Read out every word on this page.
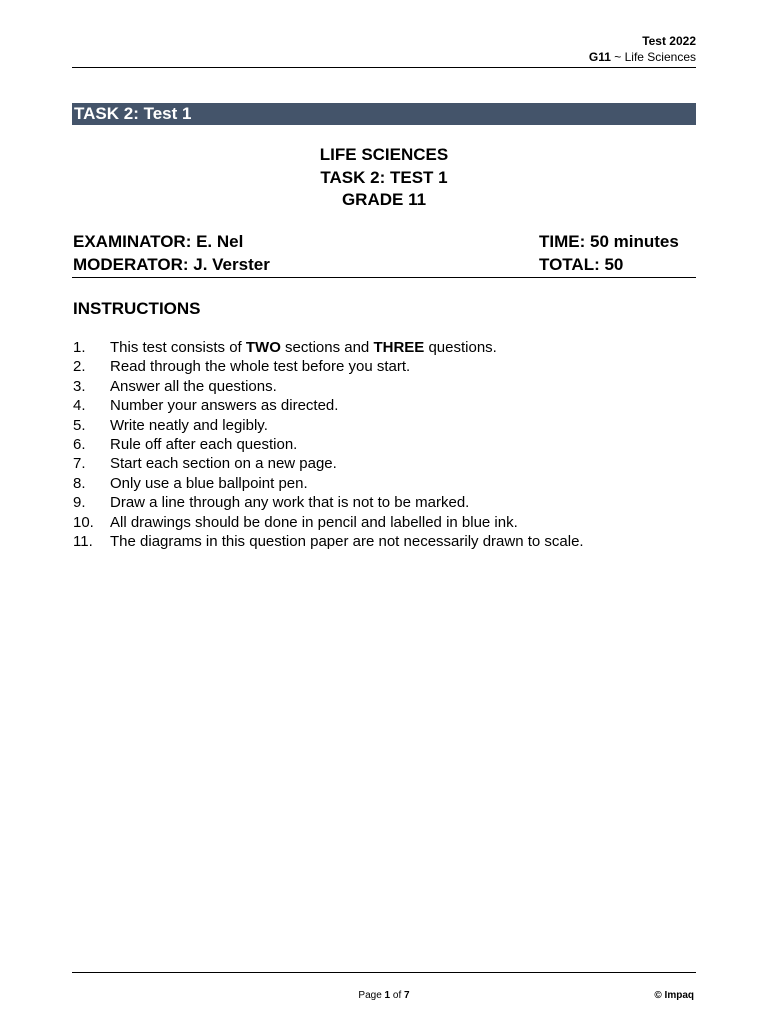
Test 2022
G11 ~ Life Sciences
TASK 2: Test 1
LIFE SCIENCES
TASK 2: TEST 1
GRADE 11
EXAMINATOR: E. Nel
MODERATOR: J. Verster
TIME: 50 minutes
TOTAL: 50
INSTRUCTIONS
1.	This test consists of TWO sections and THREE questions.
2.	Read through the whole test before you start.
3.	Answer all the questions.
4.	Number your answers as directed.
5.	Write neatly and legibly.
6.	Rule off after each question.
7.	Start each section on a new page.
8.	Only use a blue ballpoint pen.
9.	Draw a line through any work that is not to be marked.
10.	All drawings should be done in pencil and labelled in blue ink.
11.	The diagrams in this question paper are not necessarily drawn to scale.
Page 1 of 7	© Impaq
